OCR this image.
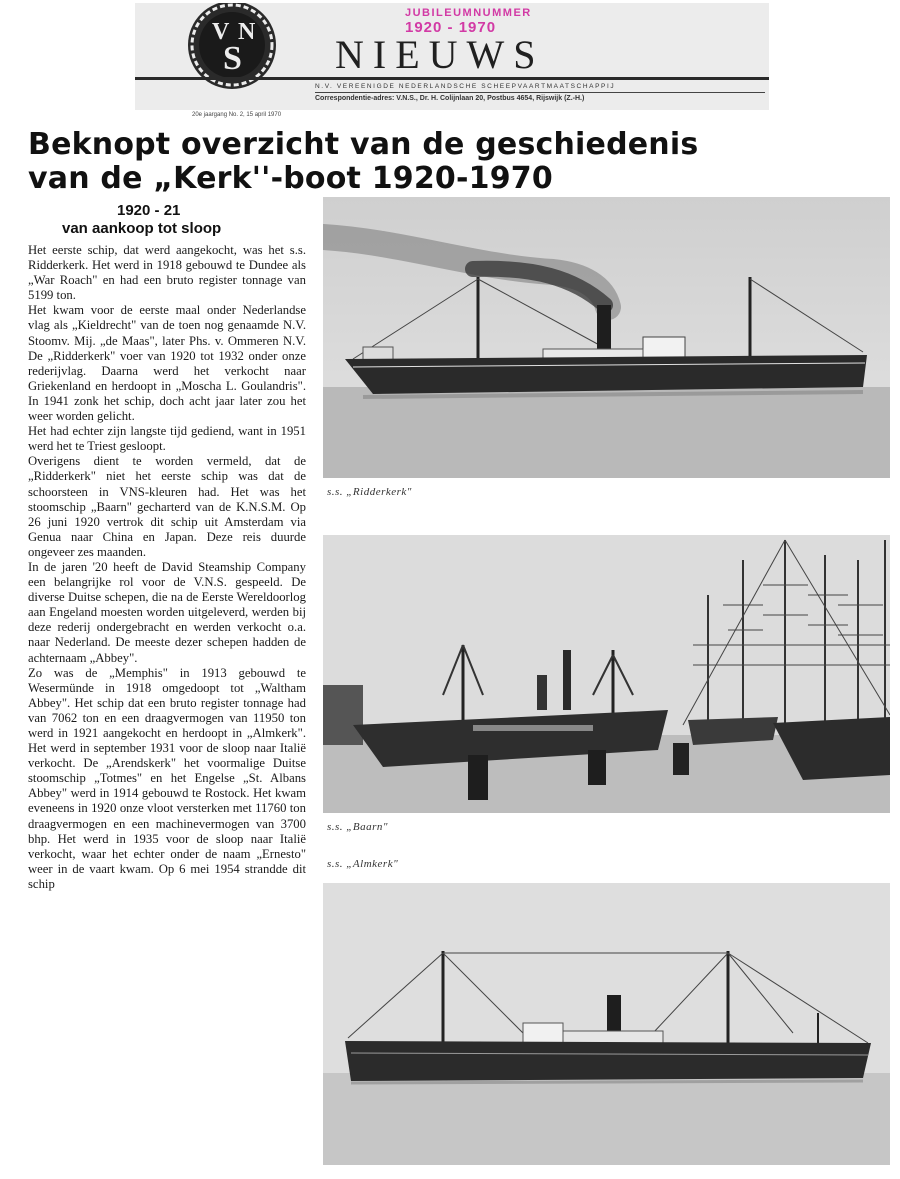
V N
S
JUBILEUMNUMMER
1920 - 1970
NIEUWS
N.V. VEREENIGDE NEDERLANDSCHE SCHEEPVAARTMAATSCHAPPIJ
Correspondentie-adres: V.N.S., Dr. H. Colijnlaan 20, Postbus 4654, Rijswijk (Z.-H.)
20e jaargang No. 2, 15 april 1970
Beknopt overzicht van de geschiedenis
van de „Kerk''-boot 1920-1970
1920 - 21
van aankoop tot sloop

Het eerste schip, dat werd aangekocht, was het s.s. Ridderkerk. Het werd in 1918 gebouwd te Dundee als „War Roach" en had een bruto register tonnage van 5199 ton.

Het kwam voor de eerste maal onder Nederlandse vlag als „Kieldrecht" van de toen nog genaamde N.V. Stoomv. Mij. „de Maas", later Phs. v. Ommeren N.V. De „Ridderkerk" voer van 1920 tot 1932 onder onze rederijvlag. Daarna werd het verkocht naar Griekenland en herdoopt in „Moscha L. Goulandris". In 1941 zonk het schip, doch acht jaar later zou het weer worden gelicht.

Het had echter zijn langste tijd gediend, want in 1951 werd het te Triest gesloopt.

Overigens dient te worden vermeld, dat de „Ridderkerk" niet het eerste schip was dat de schoorsteen in VNS-kleuren had. Het was het stoomschip „Baarn" gecharterd van de K.N.S.M. Op 26 juni 1920 vertrok dit schip uit Amsterdam via Genua naar China en Japan. Deze reis duurde ongeveer zes maanden.

In de jaren '20 heeft de David Steamship Company een belangrijke rol voor de V.N.S. gespeeld. De diverse Duitse schepen, die na de Eerste Wereldoorlog aan Engeland moesten worden uitgeleverd, werden bij deze rederij ondergebracht en werden verkocht o.a. naar Nederland. De meeste dezer schepen hadden de achternaam „Abbey".

Zo was de „Memphis" in 1913 gebouwd te Wesermünde in 1918 omgedoopt tot „Waltham Abbey". Het schip dat een bruto register tonnage had van 7062 ton en een draagvermogen van 11950 ton werd in 1921 aangekocht en herdoopt in „Almkerk". Het werd in september 1931 voor de sloop naar Italië verkocht. De „Arendskerk" het voormalige Duitse stoomschip „Totmes" en het Engelse „St. Albans Abbey" werd in 1914 gebouwd te Rostock. Het kwam eveneens in 1920 onze vloot versterken met 11760 ton draagvermogen en een machinevermogen van 3700 bhp. Het werd in 1935 voor de sloop naar Italië verkocht, waar het echter onder de naam „Ernesto" weer in de vaart kwam. Op 6 mei 1954 strandde dit schip

s.s. „Ridderkerk"
s.s. „Baarn"
s.s. „Almkerk"
